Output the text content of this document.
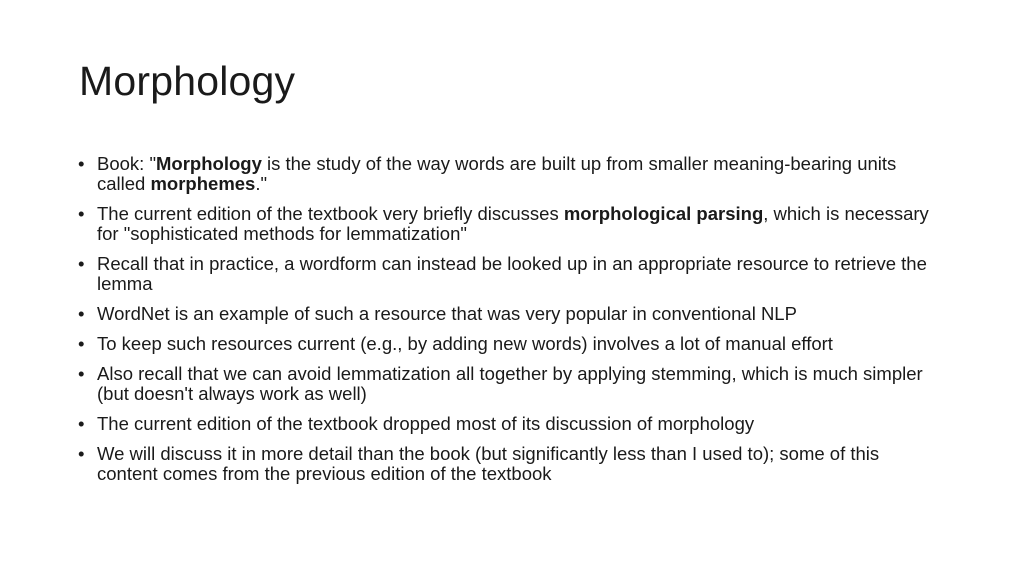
Morphology
• Book: "Morphology is the study of the way words are built up from smaller meaning-bearing units called morphemes."
• The current edition of the textbook very briefly discusses morphological parsing, which is necessary for "sophisticated methods for lemmatization"
• Recall that in practice, a wordform can instead be looked up in an appropriate resource to retrieve the lemma
• WordNet is an example of such a resource that was very popular in conventional NLP
• To keep such resources current (e.g., by adding new words) involves a lot of manual effort
• Also recall that we can avoid lemmatization all together by applying stemming, which is much simpler (but doesn't always work as well)
• The current edition of the textbook dropped most of its discussion of morphology
• We will discuss it in more detail than the book (but significantly less than I used to); some of this content comes from the previous edition of the textbook
